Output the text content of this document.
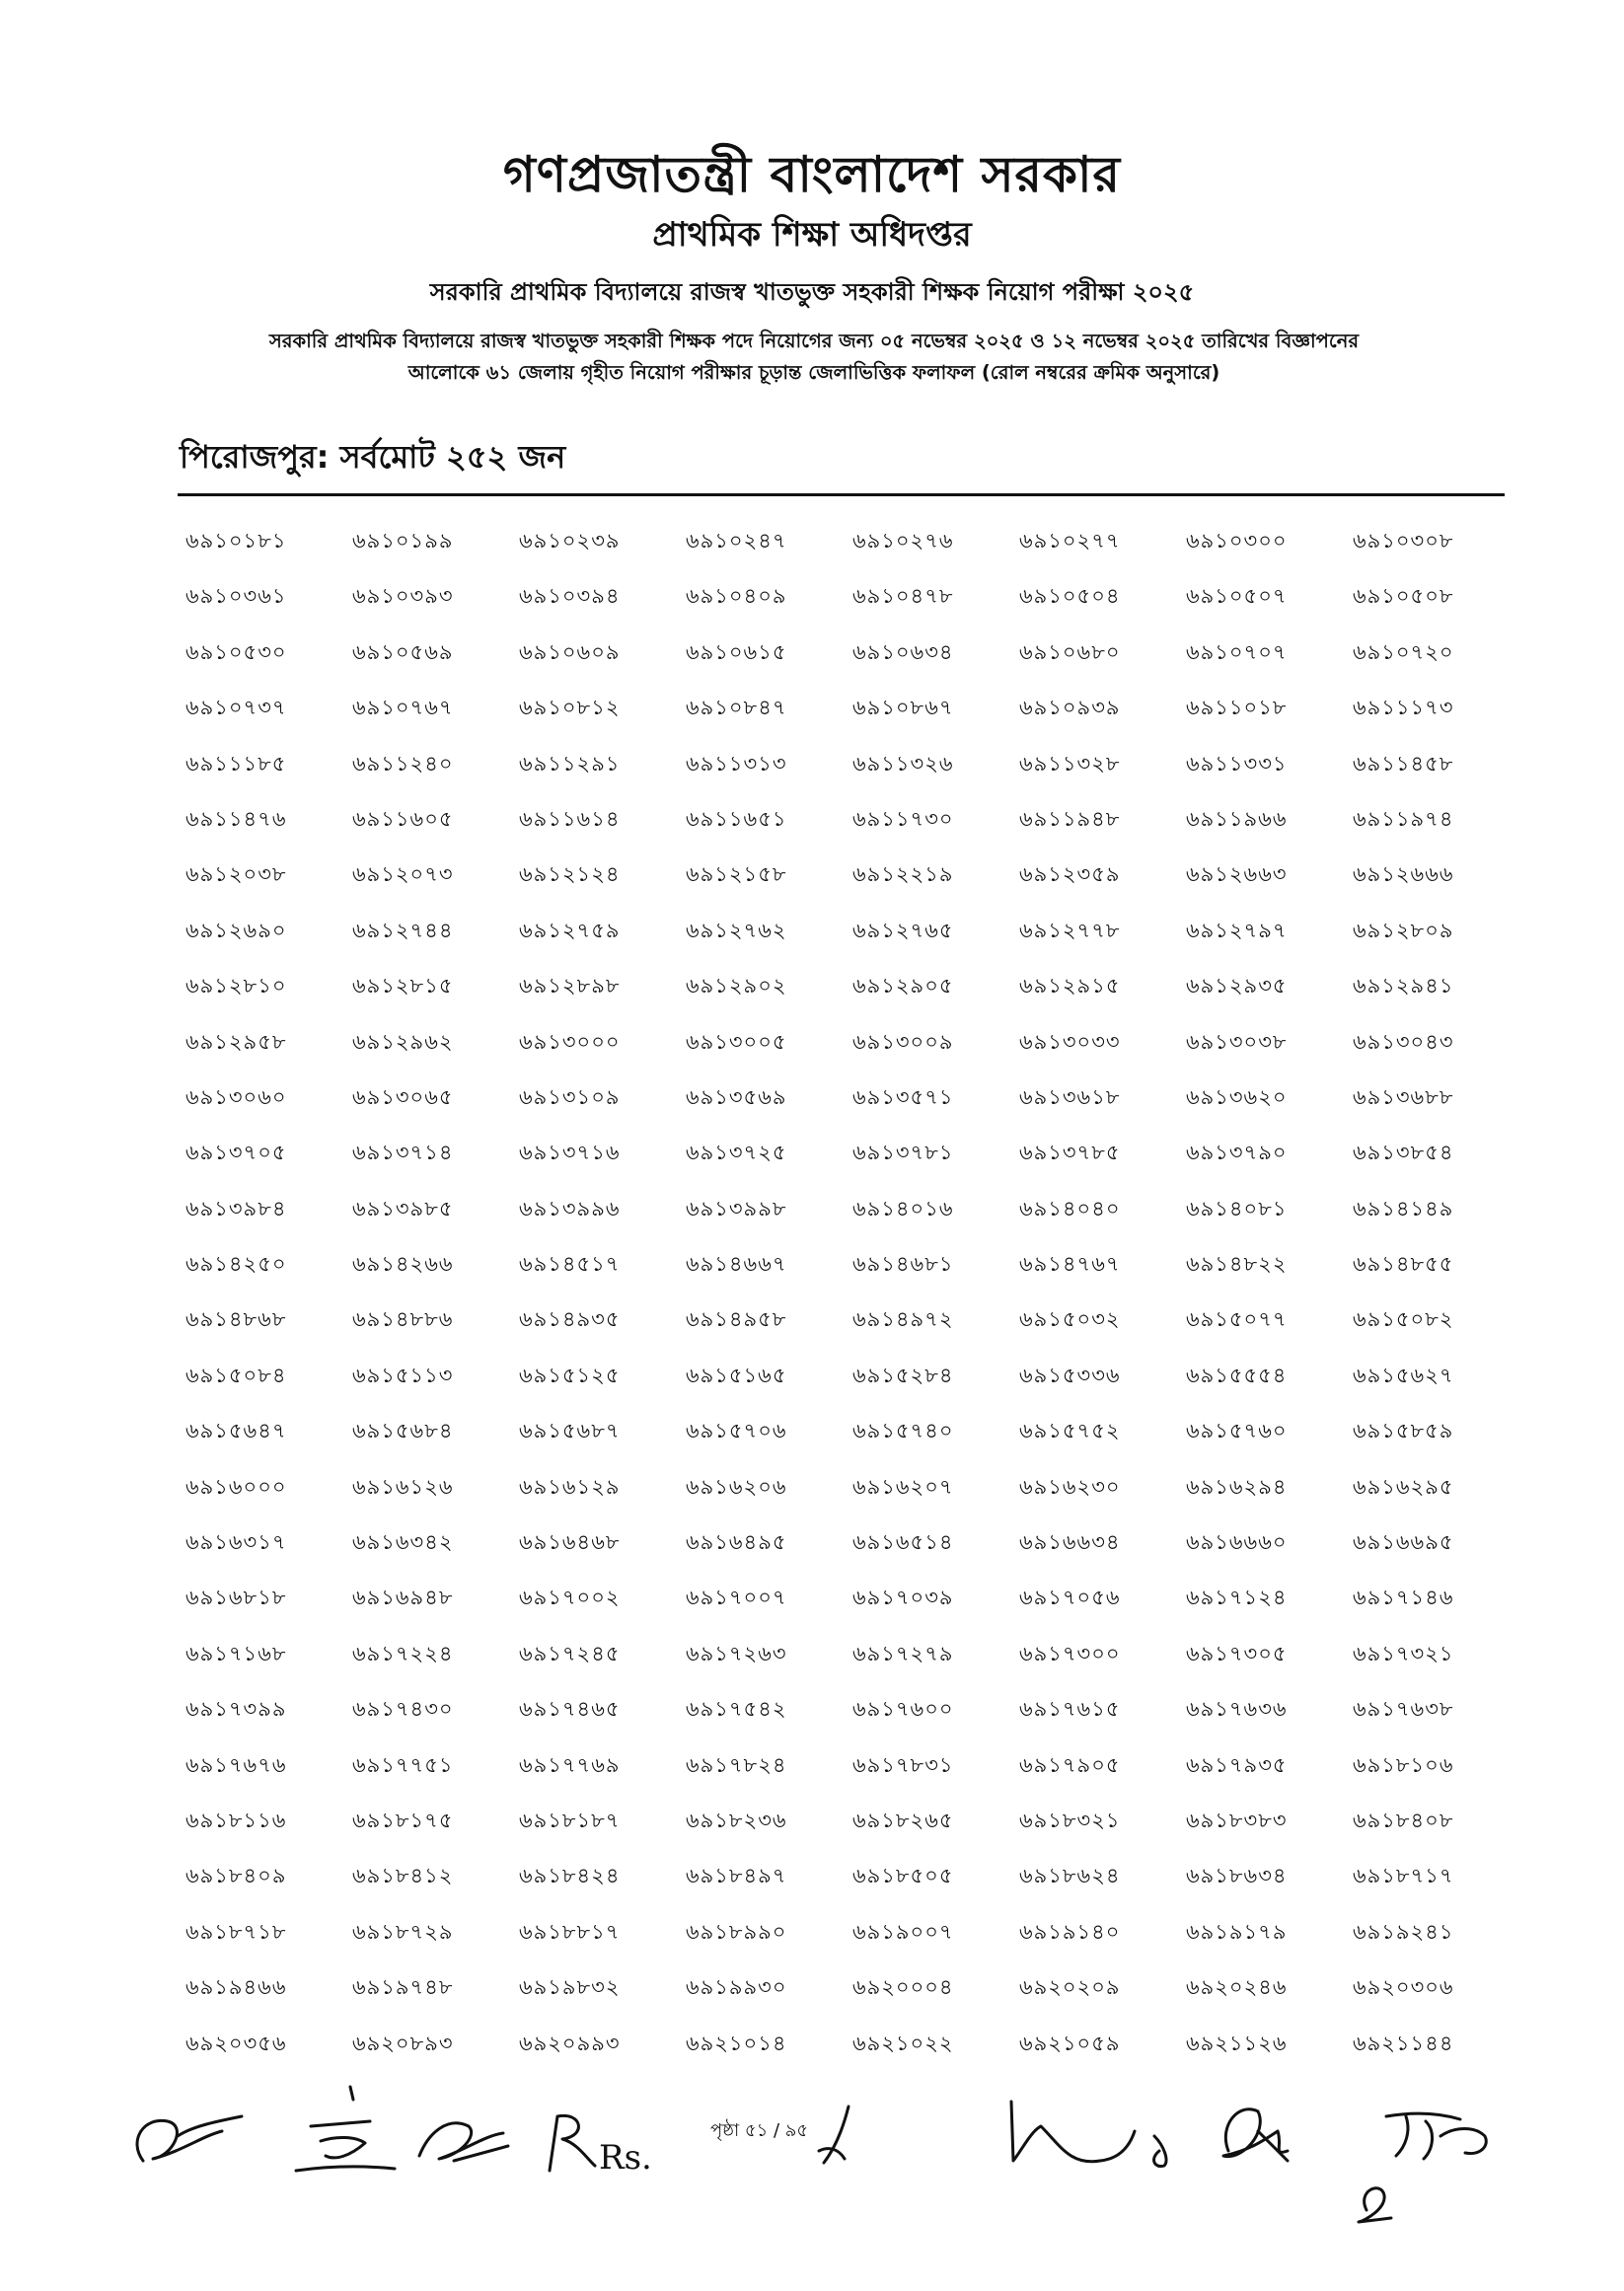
গণপ্রজাতন্ত্রী বাংলাদেশ সরকার
প্রাথমিক শিক্ষা অধিদপ্তর
সরকারি প্রাথমিক বিদ্যালয়ে রাজস্ব খাতভুক্ত সহকারী শিক্ষক নিয়োগ পরীক্ষা ২০২৫
সরকারি প্রাথমিক বিদ্যালয়ে রাজস্ব খাতভুক্ত সহকারী শিক্ষক পদে নিয়োগের জন্য ০৫ নভেম্বর ২০২৫ ও ১২ নভেম্বর ২০২৫ তারিখের বিজ্ঞাপনের
আলোকে ৬১ জেলায় গৃহীত নিয়োগ পরীক্ষার চূড়ান্ত জেলাভিত্তিক ফলাফল (রোল নম্বরের ক্রমিক অনুসারে)
পিরোজপুর: সর্বমোট ২৫২ জন
৬৯১০১৮১	৬৯১০১৯৯	৬৯১০২৩৯	৬৯১০২৪৭	৬৯১০২৭৬	৬৯১০২৭৭	৬৯১০৩০০	৬৯১০৩০৮
৬৯১০৩৬১	৬৯১০৩৯৩	৬৯১০৩৯৪	৬৯১০৪০৯	৬৯১০৪৭৮	৬৯১০৫০৪	৬৯১০৫০৭	৬৯১০৫০৮
৬৯১০৫৩০	৬৯১০৫৬৯	৬৯১০৬০৯	৬৯১০৬১৫	৬৯১০৬৩৪	৬৯১০৬৮০	৬৯১০৭০৭	৬৯১০৭২০
৬৯১০৭৩৭	৬৯১০৭৬৭	৬৯১০৮১২	৬৯১০৮৪৭	৬৯১০৮৬৭	৬৯১০৯৩৯	৬৯১১০১৮	৬৯১১১৭৩
৬৯১১১৮৫	৬৯১১২৪০	৬৯১১২৯১	৬৯১১৩১৩	৬৯১১৩২৬	৬৯১১৩২৮	৬৯১১৩৩১	৬৯১১৪৫৮
৬৯১১৪৭৬	৬৯১১৬০৫	৬৯১১৬১৪	৬৯১১৬৫১	৬৯১১৭৩০	৬৯১১৯৪৮	৬৯১১৯৬৬	৬৯১১৯৭৪
৬৯১২০৩৮	৬৯১২০৭৩	৬৯১২১২৪	৬৯১২১৫৮	৬৯১২২১৯	৬৯১২৩৫৯	৬৯১২৬৬৩	৬৯১২৬৬৬
৬৯১২৬৯০	৬৯১২৭৪৪	৬৯১২৭৫৯	৬৯১২৭৬২	৬৯১২৭৬৫	৬৯১২৭৭৮	৬৯১২৭৯৭	৬৯১২৮০৯
৬৯১২৮১০	৬৯১২৮১৫	৬৯১২৮৯৮	৬৯১২৯০২	৬৯১২৯০৫	৬৯১২৯১৫	৬৯১২৯৩৫	৬৯১২৯৪১
৬৯১২৯৫৮	৬৯১২৯৬২	৬৯১৩০০০	৬৯১৩০০৫	৬৯১৩০০৯	৬৯১৩০৩৩	৬৯১৩০৩৮	৬৯১৩০৪৩
৬৯১৩০৬০	৬৯১৩০৬৫	৬৯১৩১০৯	৬৯১৩৫৬৯	৬৯১৩৫৭১	৬৯১৩৬১৮	৬৯১৩৬২০	৬৯১৩৬৮৮
৬৯১৩৭০৫	৬৯১৩৭১৪	৬৯১৩৭১৬	৬৯১৩৭২৫	৬৯১৩৭৮১	৬৯১৩৭৮৫	৬৯১৩৭৯০	৬৯১৩৮৫৪
৬৯১৩৯৮৪	৬৯১৩৯৮৫	৬৯১৩৯৯৬	৬৯১৩৯৯৮	৬৯১৪০১৬	৬৯১৪০৪০	৬৯১৪০৮১	৬৯১৪১৪৯
৬৯১৪২৫০	৬৯১৪২৬৬	৬৯১৪৫১৭	৬৯১৪৬৬৭	৬৯১৪৬৮১	৬৯১৪৭৬৭	৬৯১৪৮২২	৬৯১৪৮৫৫
৬৯১৪৮৬৮	৬৯১৪৮৮৬	৬৯১৪৯৩৫	৬৯১৪৯৫৮	৬৯১৪৯৭২	৬৯১৫০৩২	৬৯১৫০৭৭	৬৯১৫০৮২
৬৯১৫০৮৪	৬৯১৫১১৩	৬৯১৫১২৫	৬৯১৫১৬৫	৬৯১৫২৮৪	৬৯১৫৩৩৬	৬৯১৫৫৫৪	৬৯১৫৬২৭
৬৯১৫৬৪৭	৬৯১৫৬৮৪	৬৯১৫৬৮৭	৬৯১৫৭০৬	৬৯১৫৭৪০	৬৯১৫৭৫২	৬৯১৫৭৬০	৬৯১৫৮৫৯
৬৯১৬০০০	৬৯১৬১২৬	৬৯১৬১২৯	৬৯১৬২০৬	৬৯১৬২০৭	৬৯১৬২৩০	৬৯১৬২৯৪	৬৯১৬২৯৫
৬৯১৬৩১৭	৬৯১৬৩৪২	৬৯১৬৪৬৮	৬৯১৬৪৯৫	৬৯১৬৫১৪	৬৯১৬৬৩৪	৬৯১৬৬৬০	৬৯১৬৬৯৫
৬৯১৬৮১৮	৬৯১৬৯৪৮	৬৯১৭০০২	৬৯১৭০০৭	৬৯১৭০৩৯	৬৯১৭০৫৬	৬৯১৭১২৪	৬৯১৭১৪৬
৬৯১৭১৬৮	৬৯১৭২২৪	৬৯১৭২৪৫	৬৯১৭২৬৩	৬৯১৭২৭৯	৬৯১৭৩০০	৬৯১৭৩০৫	৬৯১৭৩২১
৬৯১৭৩৯৯	৬৯১৭৪৩০	৬৯১৭৪৬৫	৬৯১৭৫৪২	৬৯১৭৬০০	৬৯১৭৬১৫	৬৯১৭৬৩৬	৬৯১৭৬৩৮
৬৯১৭৬৭৬	৬৯১৭৭৫১	৬৯১৭৭৬৯	৬৯১৭৮২৪	৬৯১৭৮৩১	৬৯১৭৯০৫	৬৯১৭৯৩৫	৬৯১৮১০৬
৬৯১৮১১৬	৬৯১৮১৭৫	৬৯১৮১৮৭	৬৯১৮২৩৬	৬৯১৮২৬৫	৬৯১৮৩২১	৬৯১৮৩৮৩	৬৯১৮৪০৮
৬৯১৮৪০৯	৬৯১৮৪১২	৬৯১৮৪২৪	৬৯১৮৪৯৭	৬৯১৮৫০৫	৬৯১৮৬২৪	৬৯১৮৬৩৪	৬৯১৮৭১৭
৬৯১৮৭১৮	৬৯১৮৭২৯	৬৯১৮৮১৭	৬৯১৮৯৯০	৬৯১৯০০৭	৬৯১৯১৪০	৬৯১৯১৭৯	৬৯১৯২৪১
৬৯১৯৪৬৬	৬৯১৯৭৪৮	৬৯১৯৮৩২	৬৯১৯৯৩০	৬৯২০০০৪	৬৯২০২০৯	৬৯২০২৪৬	৬৯২০৩০৬
৬৯২০৩৫৬	৬৯২০৮৯৩	৬৯২০৯৯৩	৬৯২১০১৪	৬৯২১০২২	৬৯২১০৫৯	৬৯২১১২৬	৬৯২১১৪৪
Rs.
পৃষ্ঠা ৫১ / ৯৫
